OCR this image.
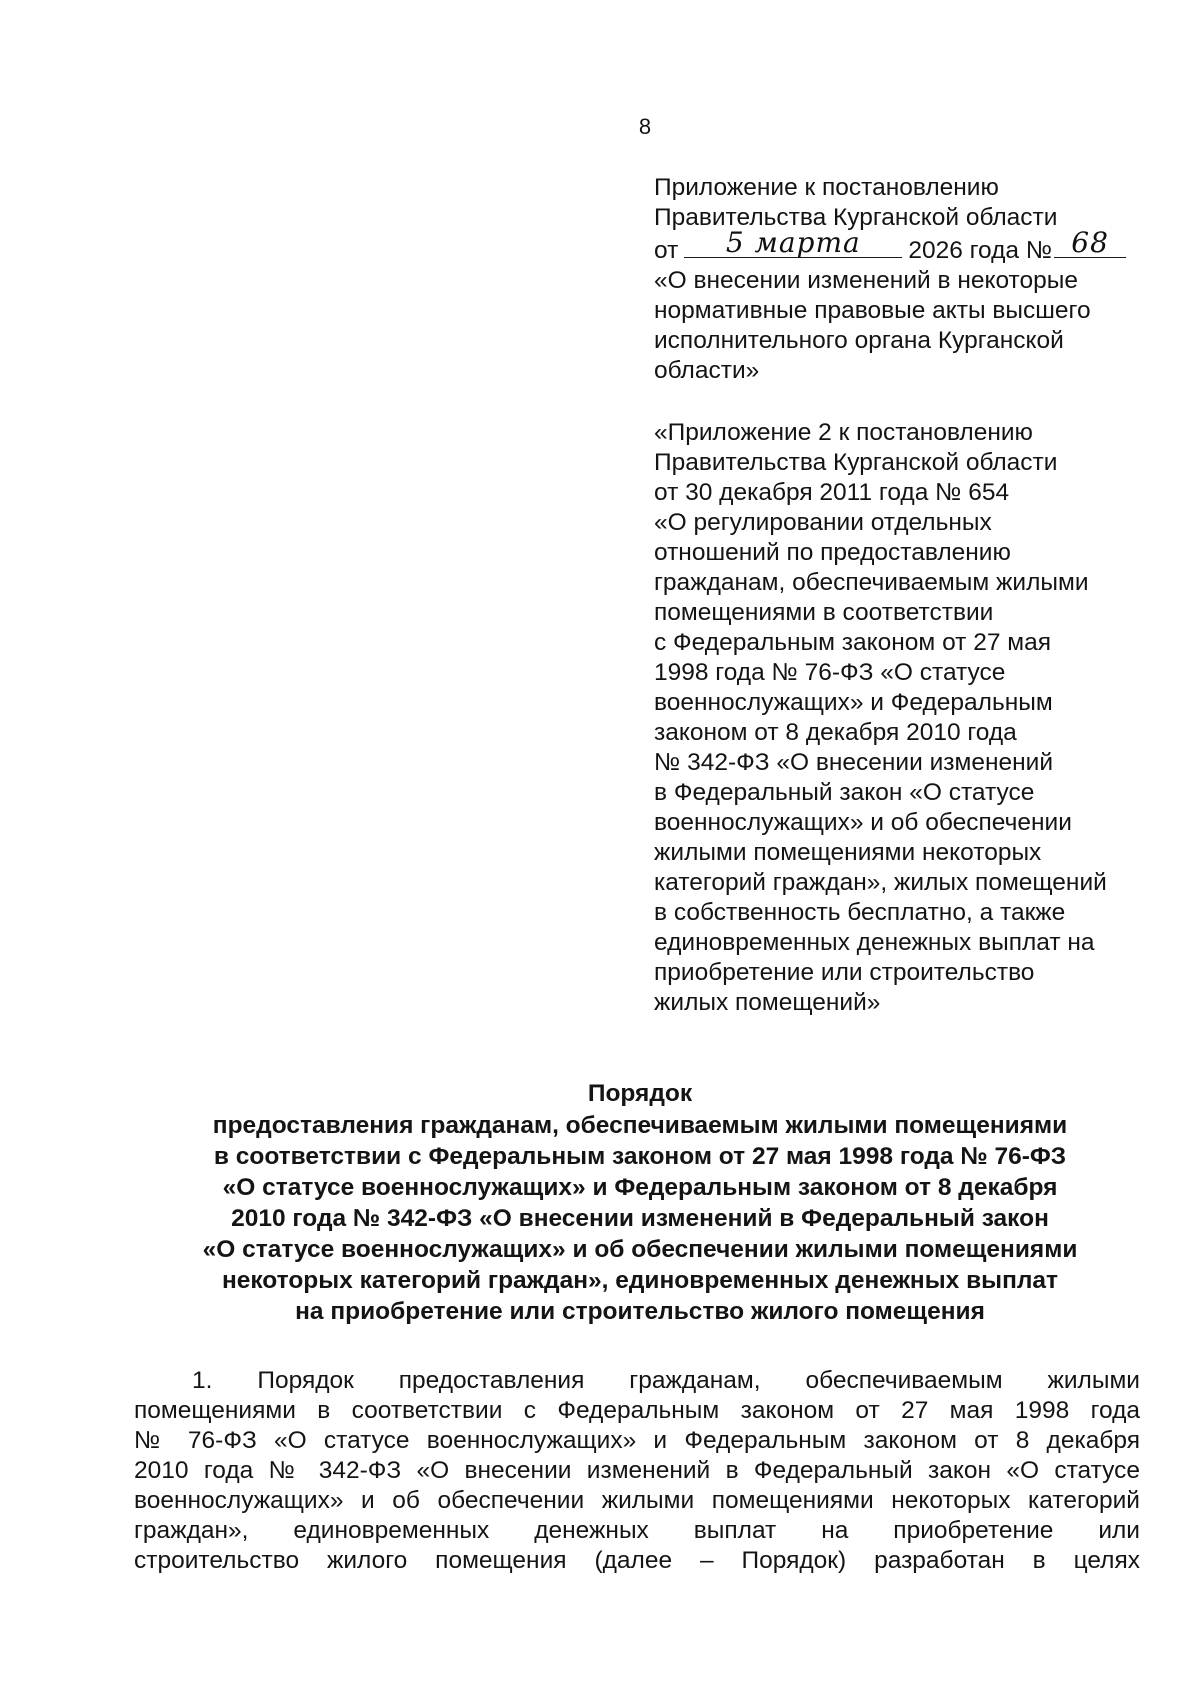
8
Приложение к постановлению
Правительства Курганской области
от	5 марта	2026 года № 68
«О внесении изменений в некоторые
нормативные правовые акты высшего
исполнительного органа Курганской
области»
«Приложение 2 к постановлению
Правительства Курганской области
от 30 декабря 2011 года № 654
«О регулировании отдельных
отношений по предоставлению
гражданам, обеспечиваемым жилыми
помещениями в соответствии
с Федеральным законом от 27 мая
1998 года № 76-ФЗ «О статусе
военнослужащих» и Федеральным
законом от 8 декабря 2010 года
№ 342-ФЗ «О внесении изменений
в Федеральный закон «О статусе
военнослужащих» и об обеспечении
жилыми помещениями некоторых
категорий граждан», жилых помещений
в собственность бесплатно, а также
единовременных денежных выплат на
приобретение или строительство
жилых помещений»
Порядок
предоставления гражданам, обеспечиваемым жилыми помещениями
в соответствии с Федеральным законом от 27 мая 1998 года № 76-ФЗ
«О статусе военнослужащих» и Федеральным законом от 8 декабря
2010 года № 342-ФЗ «О внесении изменений в Федеральный закон
«О статусе военнослужащих» и об обеспечении жилыми помещениями
некоторых категорий граждан», единовременных денежных выплат
на приобретение или строительство жилого помещения
1. Порядок предоставления гражданам, обеспечиваемым жилыми
помещениями в соответствии с Федеральным законом от 27 мая 1998 года
№ 76-ФЗ «О статусе военнослужащих» и Федеральным законом от 8 декабря
2010 года № 342-ФЗ «О внесении изменений в Федеральный закон «О статусе
военнослужащих» и об обеспечении жилыми помещениями некоторых категорий
граждан», единовременных денежных выплат на приобретение или
строительство жилого помещения (далее – Порядок) разработан в целях
